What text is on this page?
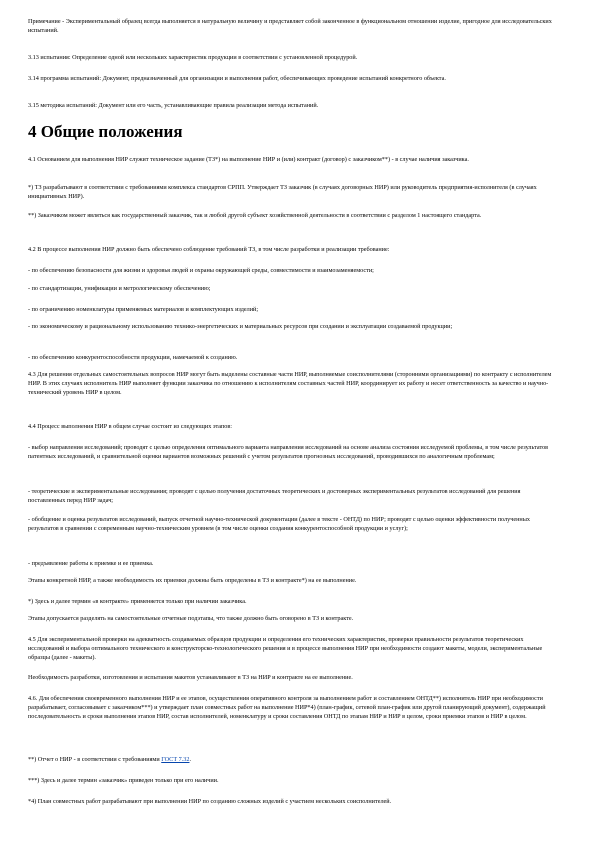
Примечание - Экспериментальный образец всегда выполняется в натуральную величину и представляет собой законченное в функциональном отношении изделие, пригодное для исследовательских испытаний.

3.13 испытания: Определение одной или нескольких характеристик продукции в соответствии с установленной процедурой.

3.14 программа испытаний: Документ, предназначенный для организации и выполнения работ, обеспечивающих проведение испытаний конкретного объекта.

3.15 методика испытаний: Документ или его часть, устанавливающие правила реализации метода испытаний.

4 Общие положения

4.1 Основанием для выполнения НИР служит техническое задание (ТЗ*) на выполнение НИР и (или) контракт (договор) с заказчиком**) - в случае наличия заказчика.

*) ТЗ разрабатывают в соответствии с требованиями комплекса стандартов СРПП. Утверждает ТЗ заказчик (в случаях договорных НИР) или руководитель предприятия-исполнителя (в случаях инициативных НИР).

**) Заказчиком может являться как государственный заказчик, так и любой другой субъект хозяйственной деятельности в соответствии с разделом 1 настоящего стандарта.

4.2 В процессе выполнения НИР должно быть обеспечено соблюдение требований ТЗ, в том числе разработки и реализации требование:

- по обеспечению безопасности для жизни и здоровья людей и охраны окружающей среды, совместимости и взаимозаменяемости;

- по стандартизации, унификации и метрологическому обеспечению;

- по ограничению номенклатуры применяемых материалов и комплектующих изделий;

- по экономическому и рациональному использованию технико-энергетических и материальных ресурсов при создании и эксплуатации создаваемой продукции;

- по обеспечению конкурентоспособности продукции, намечаемой к созданию.

4.3 Для решения отдельных самостоятельных вопросов НИР могут быть выделены составные части НИР, выполняемые соисполнителями (сторонними организациями) по контракту с исполнителем НИР. В этих случаях исполнитель НИР выполняет функции заказчика по отношению к исполнителям составных частей НИР, координирует их работу и несет ответственность за качество и научно-технический уровень НИР в целом.

4.4 Процесс выполнения НИР в общем случае состоит из следующих этапов:

- выбор направления исследований; проводят с целью определения оптимального варианта направления исследований на основе анализа состояния исследуемой проблемы, в том числе результатов патентных исследований, и сравнительной оценки вариантов возможных решений с учетом результатов прогнозных исследований, проводившихся по аналогичным проблемам;

- теоретические и экспериментальные исследования; проводят с целью получения достаточных теоретических и достоверных экспериментальных результатов исследований для решения поставленных перед НИР задач;

- обобщение и оценка результатов исследований, выпуск отчетной научно-технической документации (далее в тексте - ОНТД) по НИР; проводят с целью оценки эффективности полученных результатов в сравнении с современным научно-техническим уровнем (в том числе оценки создания конкурентоспособной продукции и услуг);

- предъявление работы к приемке и ее приемка.

Этапы конкретной НИР, а также необходимость их приемки должны быть определены в ТЗ и контракте*) на ее выполнение.

*) Здесь и далее термин «в контракте» применяется только при наличии заказчика.

Этапы допускается разделять на самостоятельные отчетные подэтапы, что также должно быть оговорено в ТЗ и контракте.

4.5 Для экспериментальной проверки на адекватность создаваемых образцов продукции и определения его технических характеристик, проверки правильности результатов теоретических исследований и выбора оптимального технического и конструкторско-технологического решения и в процессе выполнения НИР при необходимости создают макеты, модели, экспериментальные образцы (далее - макеты).

Необходимость разработки, изготовления и испытания макетов устанавливают в ТЗ на НИР и контракте на ее выполнение.

4.6. Для обеспечения своевременного выполнения НИР и ее этапов, осуществления оперативного контроля за выполнением работ и составлением ОНТД**) исполнитель НИР при необходимости разрабатывает, согласовывает с заказчиком***) и утверждает план совместных работ на выполнение НИР*4) (план-график, сетевой план-график или другой планирующий документ), содержащий последовательность и сроки выполнения этапов НИР, состав исполнителей, номенклатуру и сроки составления ОНТД по этапам НИР и НИР в целом, сроки приемки этапов и НИР в целом.

**) Отчет о НИР - в соответствии с требованиями ГОСТ 7.32.

***) Здесь и далее термин «заказчик» приведен только при его наличии.

*4) План совместных работ разрабатывают при выполнении НИР по созданию сложных изделий с участием нескольких соисполнителей.
